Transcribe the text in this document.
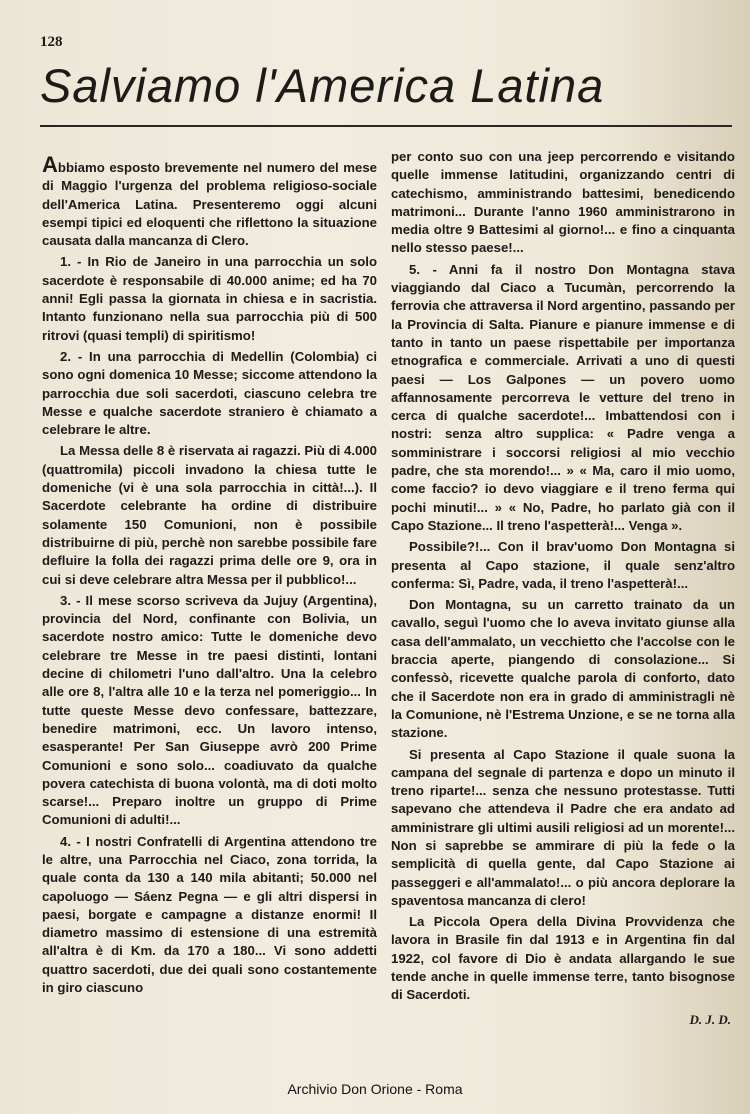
128
Salviamo l'America Latina

Abbiamo esposto brevemente nel numero del mese di Maggio l'urgenza del problema religioso-sociale dell'America Latina. Presenteremo oggi alcuni esempi tipici ed eloquenti che riflettono la situazione causata dalla mancanza di Clero.

1. - In Rio de Janeiro in una parrocchia un solo sacerdote è responsabile di 40.000 anime; ed ha 70 anni! Egli passa la giornata in chiesa e in sacristia. Intanto funzionano nella sua parrocchia più di 500 ritrovi (quasi templi) di spiritismo!

2. - In una parrocchia di Medellin (Colombia) ci sono ogni domenica 10 Messe; siccome attendono la parrocchia due soli sacerdoti, ciascuno celebra tre Messe e qualche sacerdote straniero è chiamato a celebrare le altre.

La Messa delle 8 è riservata ai ragazzi. Più di 4.000 (quattromila) piccoli invadono la chiesa tutte le domeniche (vi è una sola parrocchia in città!...). Il Sacerdote celebrante ha ordine di distribuire solamente 150 Comunioni, non è possibile distribuirne di più, perchè non sarebbe possibile fare defluire la folla dei ragazzi prima delle ore 9, ora in cui si deve celebrare altra Messa per il pubblico!...

3. - Il mese scorso scriveva da Jujuy (Argentina), provincia del Nord, confinante con Bolivia, un sacerdote nostro amico: Tutte le domeniche devo celebrare tre Messe in tre paesi distinti, lontani decine di chilometri l'uno dall'altro. Una la celebro alle ore 8, l'altra alle 10 e la terza nel pomeriggio... In tutte queste Messe devo confessare, battezzare, benedire matrimoni, ecc. Un lavoro intenso, esasperante! Per San Giuseppe avrò 200 Prime Comunioni e sono solo... coadiuvato da qualche povera catechista di buona volontà, ma di doti molto scarse!... Preparo inoltre un gruppo di Prime Comunioni di adulti!...

4. - I nostri Confratelli di Argentina attendono tre le altre, una Parrocchia nel Ciaco, zona torrida, la quale conta da 130 a 140 mila abitanti; 50.000 nel capoluogo — Sáenz Pegna — e gli altri dispersi in paesi, borgate e campagne a distanze enormi! Il diametro massimo di estensione di una estremità all'altra è di Km. da 170 a 180... Vi sono addetti quattro sacerdoti, due dei quali sono costantemente in giro ciascuno

per conto suo con una jeep percorrendo e visitando quelle immense latitudini, organizzando centri di catechismo, amministrando battesimi, benedicendo matrimoni... Durante l'anno 1960 amministrarono in media oltre 9 Battesimi al giorno!... e fino a cinquanta nello stesso paese!...

5. - Anni fa il nostro Don Montagna stava viaggiando dal Ciaco a Tucumàn, percorrendo la ferrovia che attraversa il Nord argentino, passando per la Provincia di Salta. Pianure e pianure immense e di tanto in tanto un paese rispettabile per importanza etnografica e commerciale. Arrivati a uno di questi paesi — Los Galpones — un povero uomo affannosamente percorreva le vetture del treno in cerca di qualche sacerdote!... Imbattendosi con i nostri: senza altro supplica: « Padre venga a somministrare i soccorsi religiosi al mio vecchio padre, che sta morendo!... » « Ma, caro il mio uomo, come faccio? io devo viaggiare e il treno ferma qui pochi minuti!... » « No, Padre, ho parlato già con il Capo Stazione... Il treno l'aspetterà!... Venga ».

Possibile?!... Con il brav'uomo Don Montagna si presenta al Capo stazione, il quale senz'altro conferma: Sì, Padre, vada, il treno l'aspetterà!...

Don Montagna, su un carretto trainato da un cavallo, seguì l'uomo che lo aveva invitato giunse alla casa dell'ammalato, un vecchietto che l'accolse con le braccia aperte, piangendo di consolazione... Si confessò, ricevette qualche parola di conforto, dato che il Sacerdote non era in grado di amministragli nè la Comunione, nè l'Estrema Unzione, e se ne torna alla stazione.

Si presenta al Capo Stazione il quale suona la campana del segnale di partenza e dopo un minuto il treno riparte!... senza che nessuno protestasse. Tutti sapevano che attendeva il Padre che era andato ad amministrare gli ultimi ausili religiosi ad un morente!... Non si saprebbe se ammirare di più la fede o la semplicità di quella gente, dal Capo Stazione ai passeggeri e all'ammalato!... o più ancora deplorare la spaventosa mancanza di clero!

La Piccola Opera della Divina Provvidenza che lavora in Brasile fin dal 1913 e in Argentina fin dal 1922, col favore di Dio è andata allargando le sue tende anche in quelle immense terre, tanto bisognose di Sacerdoti.

D. J. D.
Archivio Don Orione - Roma
